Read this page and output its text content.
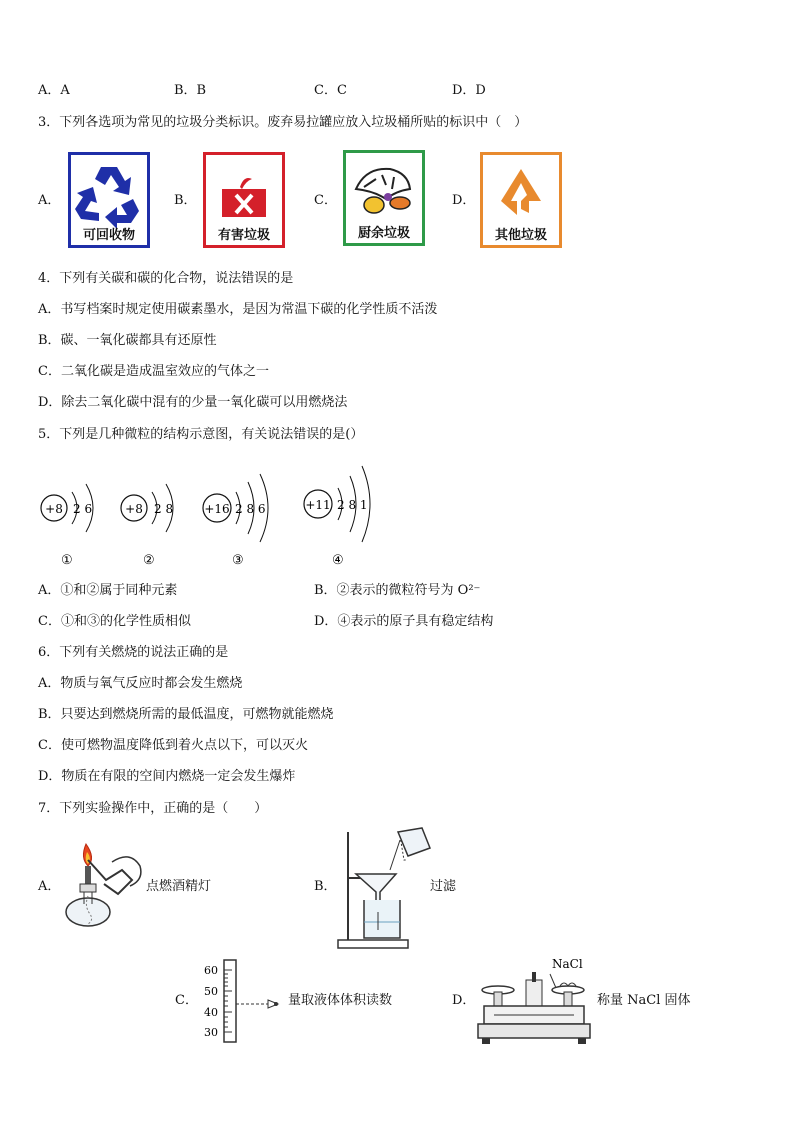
A．A	B．B	C．C	D．D
3．下列各选项为常见的垃圾分类标识。废弃易拉罐应放入垃圾桶所贴的标识中（　）
A．
可回收物
B．
有害垃圾
C．
厨余垃圾
D．
其他垃圾
4．下列有关碳和碳的化合物，说法错误的是
A．书写档案时规定使用碳素墨水，是因为常温下碳的化学性质不活泼
B．碳、一氧化碳都具有还原性
C．二氧化碳是造成温室效应的气体之一
D．除去二氧化碳中混有的少量一氧化碳可以用燃烧法
5．下列是几种微粒的结构示意图，有关说法错误的是(）
+8 2 6
①
+8 2 8
②
+16 2 8 6
③
+11 2 8 1
④
A．①和②属于同种元素	B．②表示的微粒符号为 O²⁻
C．①和③的化学性质相似	D．④表示的原子具有稳定结构
6．下列有关燃烧的说法正确的是
A．物质与氧气反应时都会发生燃烧
B．只要达到燃烧所需的最低温度，可燃物就能燃烧
C．使可燃物温度降低到着火点以下，可以灭火
D．物质在有限的空间内燃烧一定会发生爆炸
7．下列实验操作中，正确的是（　　）
A．	点燃酒精灯	B．	过滤
C．
60
50
40
30
量取液体体积读数	D．
NaCl
称量 NaCl 固体
